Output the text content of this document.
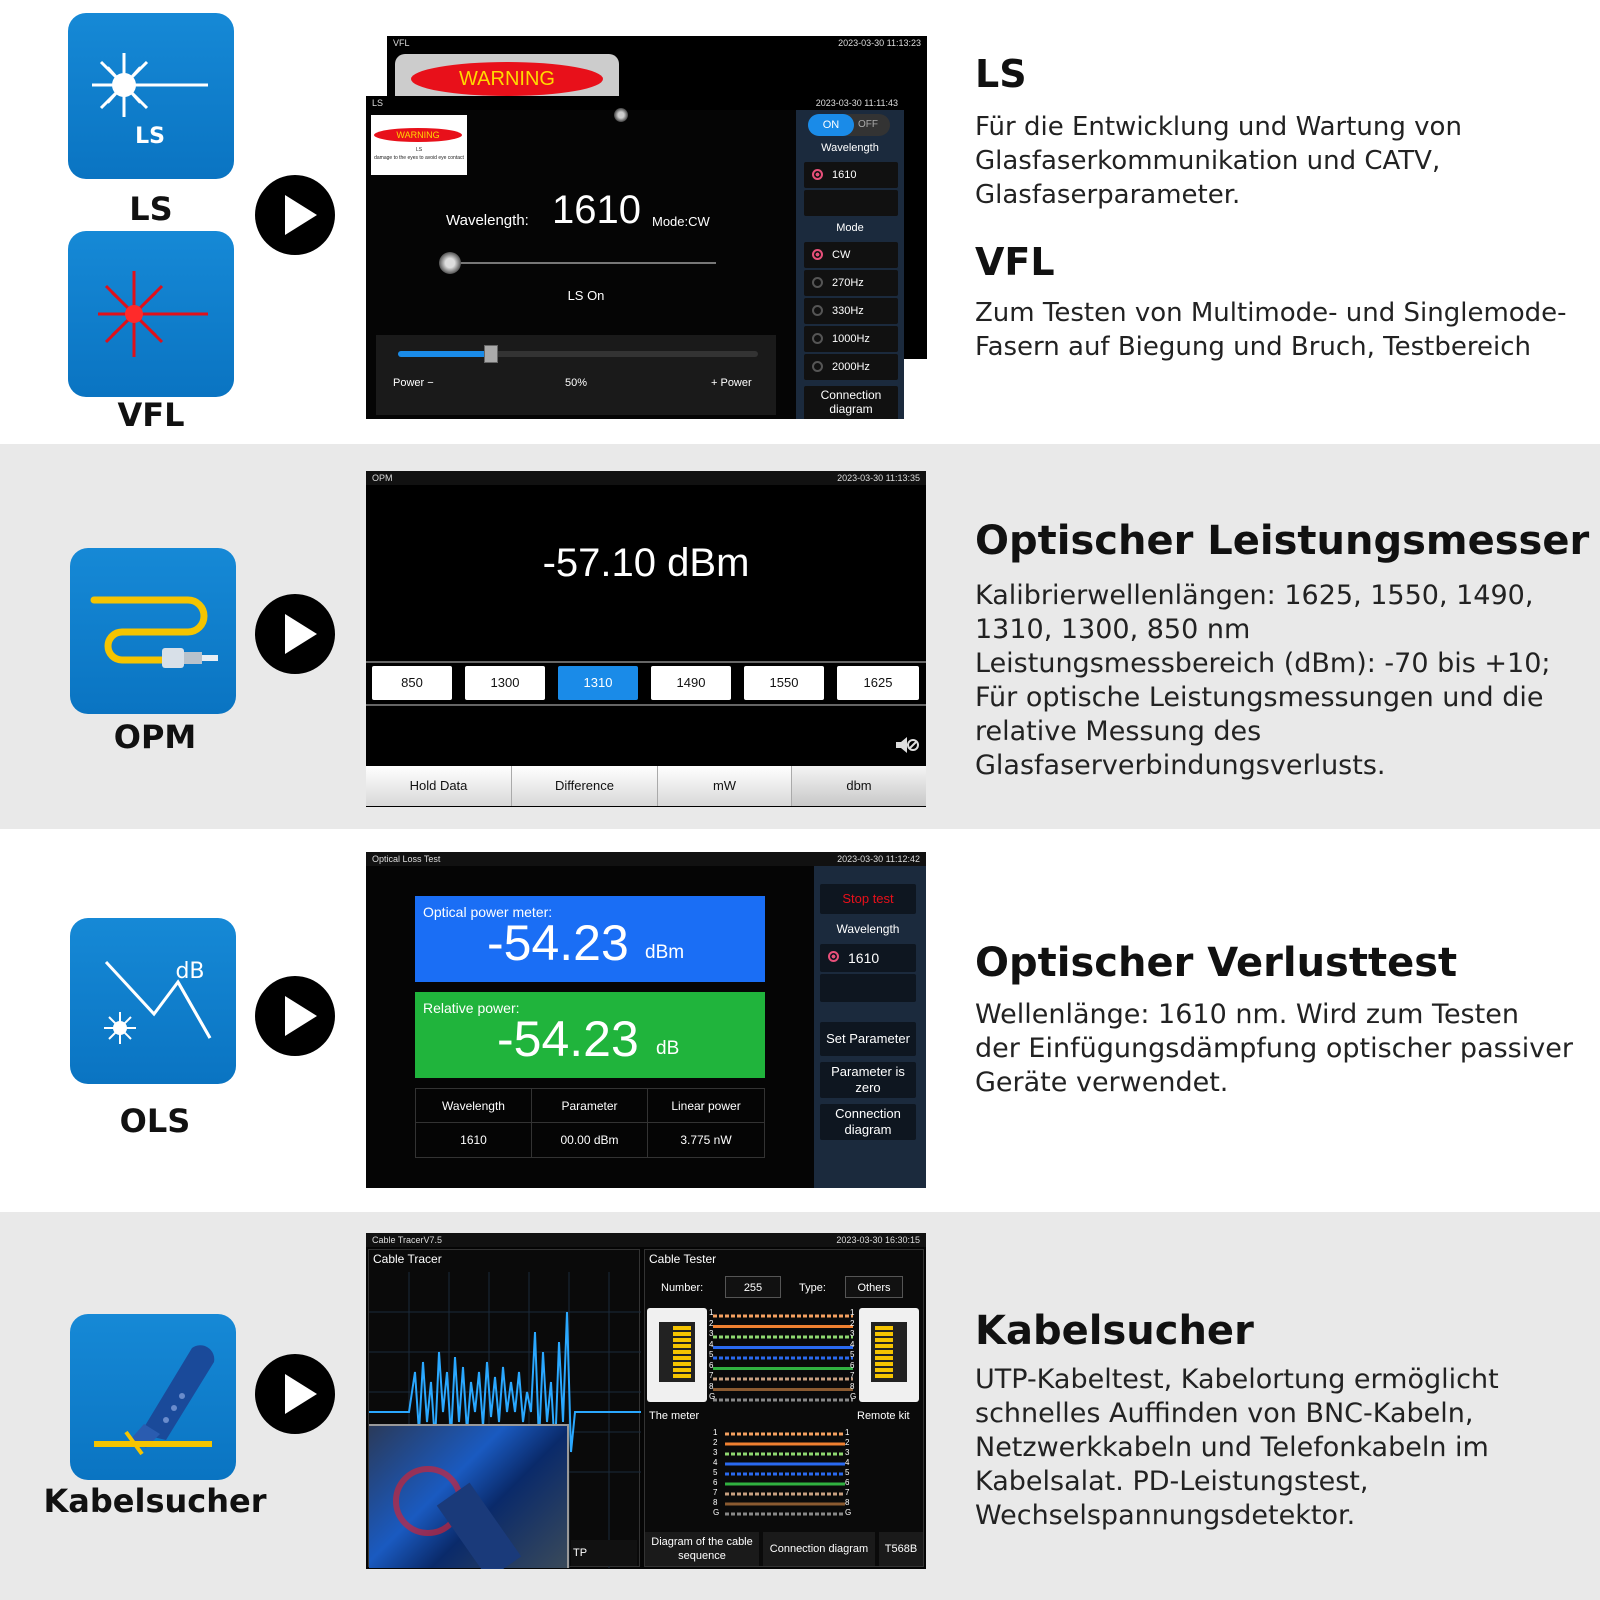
LS
LS
VFL
VFL	2023-03-30 11:13:23
WARNING
LS	2023-03-30 11:11:43
WARNING
LS
damage to the eyes to avoid eye contact
Wavelength: 1610 Mode:CW
LS On
Power −	50%	+ Power
ON	OFF
Wavelength
1610
Mode
CW
270Hz
330Hz
1000Hz
2000Hz
Connection
diagram
LS
Für die Entwicklung und Wartung von
Glasfaserkommunikation und CATV,
Glasfaserparameter.
VFL
Zum Testen von Multimode- und Singlemode-
Fasern auf Biegung und Bruch, Testbereich
OPM
OPM	2023-03-30 11:13:35
-57.10 dBm
850	1300	1310	1490	1550	1625
Hold Data	Difference	mW	dbm
Optischer Leistungsmesser
Kalibrierwellenlängen: 1625, 1550, 1490,
1310, 1300, 850 nm
Leistungsmessbereich (dBm): -70 bis +10;
Für optische Leistungsmessungen und die
relative Messung des
Glasfaserverbindungsverlusts.
dB
OLS
Optical Loss Test	2023-03-30 11:12:42
Optical power meter:
-54.23 dBm
Relative power:
-54.23 dB
Wavelength	Parameter	Linear power
1610	00.00 dBm	3.775 nW
Stop test
Wavelength
1610
Set Parameter
Parameter is
zero
Connection
diagram
Optischer Verlusttest
Wellenlänge: 1610 nm. Wird zum Testen
der Einfügungsdämpfung optischer passiver
Geräte verwendet.
Kabelsucher
Cable TracerV7.5	2023-03-30 16:30:15
Cable Tracer
TP
Cable Tester
Number:	255	Type:	Others
1
2
3
4
5
6
7
8
G
1
2
3
4
5
6
7
8
G
The meter	Remote kit
1
2
3
4
5
6
7
8
G
1
2
3
4
5
6
7
8
G
Diagram of the cable
sequence
Connection diagram	T568B
Kabelsucher
UTP-Kabeltest, Kabelortung ermöglicht
schnelles Auffinden von BNC-Kabeln,
Netzwerkkabeln und Telefonkabeln im
Kabelsalat. PD-Leistungstest,
Wechselspannungsdetektor.
